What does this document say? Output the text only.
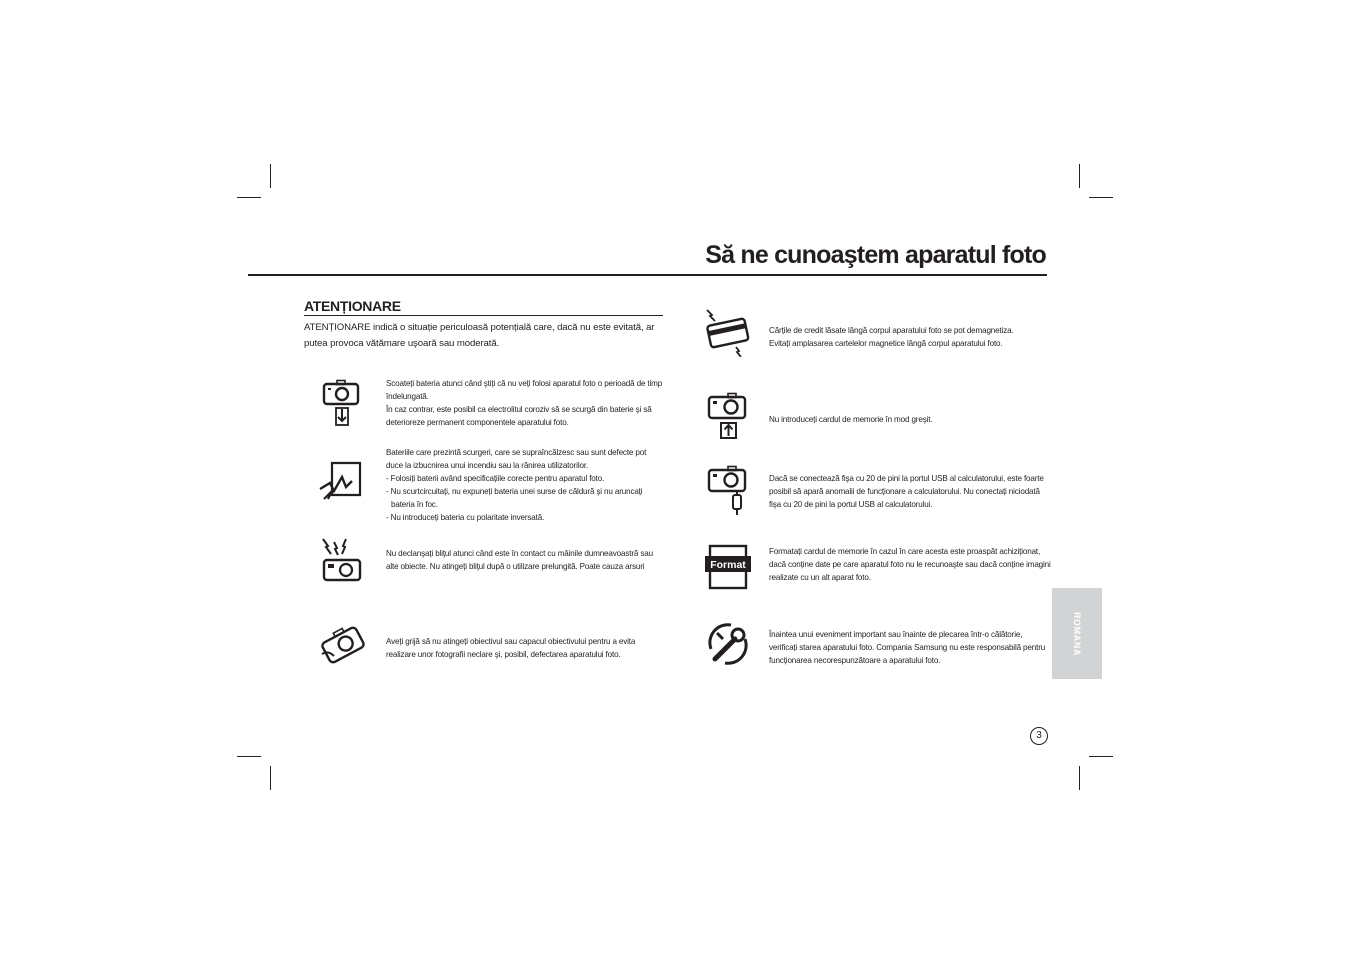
Să ne cunoaştem aparatul foto
ATENȚIONARE
ATENȚIONARE indică o situație periculoasă potențială care, dacă nu este evitată, ar putea provoca vătămare uşoară sau moderată.
Scoateți bateria atunci când ştiți că nu veți folosi aparatul foto o perioadă de timp îndelungată.
În caz contrar, este posibil ca electrolitul coroziv să se scurgă din baterie şi să deterioreze permanent componentele aparatului foto.
Bateriile care prezintă scurgeri, care se supraîncălzesc sau sunt defecte pot duce la izbucnirea unui incendiu sau la rănirea utilizatorilor.
- Folosiți baterii având specificațiile corecte pentru aparatul foto.
- Nu scurtcircuitați, nu expuneți bateria unei surse de căldură şi nu aruncați
bateria în foc.
- Nu introduceți bateria cu polaritate inversată.
Nu declanşați bliţul atunci când este în contact cu mâinile dumneavoastră sau alte obiecte. Nu atingeți bliţul după o utilizare prelungită. Poate cauza arsuri
Aveți grijă să nu atingeți obiectivul sau capacul obiectivului pentru a evita realizare unor fotografii neclare şi, posibil, defectarea aparatului foto.
Cărțile de credit lăsate lângă corpul aparatului foto se pot demagnetiza.
Evitați amplasarea cartelelor magnetice lângă corpul aparatului foto.
Nu introduceți cardul de memorie în mod greşit.
Dacă se conectează fişa cu 20 de pini la portul USB al calculatorului, este foarte posibil să apară anomalii de funcționare a calculatorului. Nu conectați niciodată fişa cu 20 de pini la portul USB al calculatorului.
Format
Formatați cardul de memorie în cazul în care acesta este proaspăt achiziționat, dacă conține date pe care aparatul foto nu le recunoaşte sau dacă conține imagini realizate cu un alt aparat foto.
Înaintea unui eveniment important sau înainte de plecarea într-o călătorie, verificați starea aparatului foto. Compania Samsung nu este responsabilă pentru funcționarea necorespunzătoare a aparatului foto.
ROMANA
3
